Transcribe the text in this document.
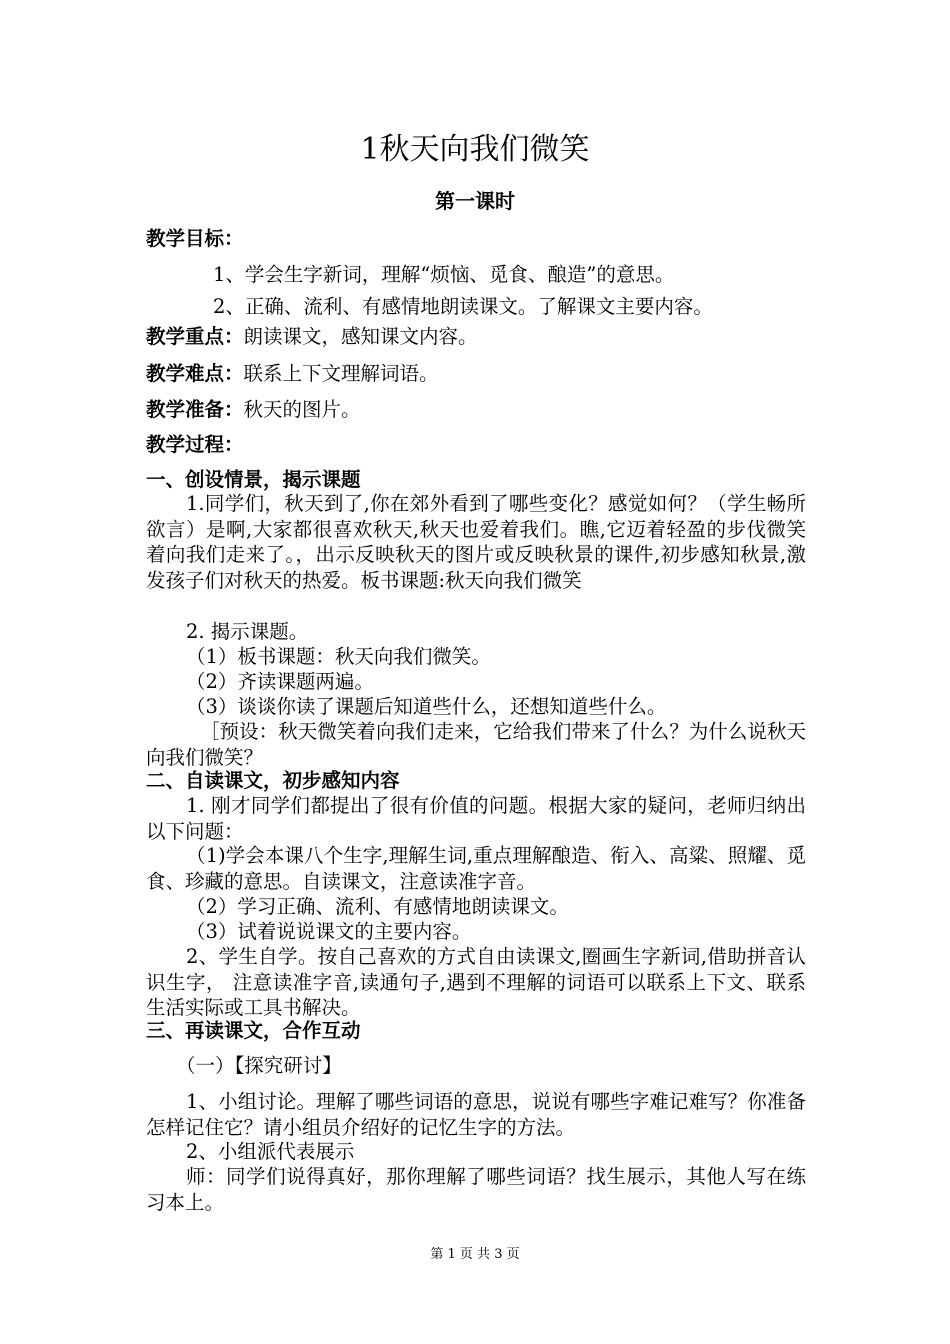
1秋天向我们微笑
第一课时
教学目标：
1、学会生字新词，理解“烦恼、觅食、酿造”的意思。
2、正确、流利、有感情地朗读课文。了解课文主要内容。
教学重点：朗读课文，感知课文内容。
教学难点：联系上下文理解词语。
教学准备：秋天的图片。
教学过程：
一、创设情景，揭示课题
1.同学们，秋天到了,你在郊外看到了哪些变化？感觉如何？（学生畅所欲言）是啊,大家都很喜欢秋天,秋天也爱着我们。瞧,它迈着轻盈的步伐微笑着向我们走来了。，出示反映秋天的图片或反映秋景的课件,初步感知秋景,激发孩子们对秋天的热爱。板书课题:秋天向我们微笑
2. 揭示课题。
（1）板书课题：秋天向我们微笑。
（2）齐读课题两遍。
（3）谈谈你读了课题后知道些什么，还想知道些什么。
［预设：秋天微笑着向我们走来，它给我们带来了什么？为什么说秋天向我们微笑？
二、自读课文，初步感知内容
1. 刚才同学们都提出了很有价值的问题。根据大家的疑问，老师归纳出以下问题：
（1)学会本课八个生字,理解生词,重点理解酿造、衔入、高粱、照耀、觅食、珍藏的意思。自读课文，注意读准字音。
（2）学习正确、流利、有感情地朗读课文。
（3）试着说说课文的主要内容。
2、学生自学。按自己喜欢的方式自由读课文,圈画生字新词,借助拼音认识生字， 注意读准字音,读通句子,遇到不理解的词语可以联系上下文、联系生活实际或工具书解决。
三、再读课文，合作互动
（一）【探究研讨】
1、小组讨论。理解了哪些词语的意思，说说有哪些字难记难写？你准备怎样记住它？请小组员介绍好的记忆生字的方法。
2、小组派代表展示
师：同学们说得真好，那你理解了哪些词语？找生展示，其他人写在练习本上。
第 1 页 共 3 页
